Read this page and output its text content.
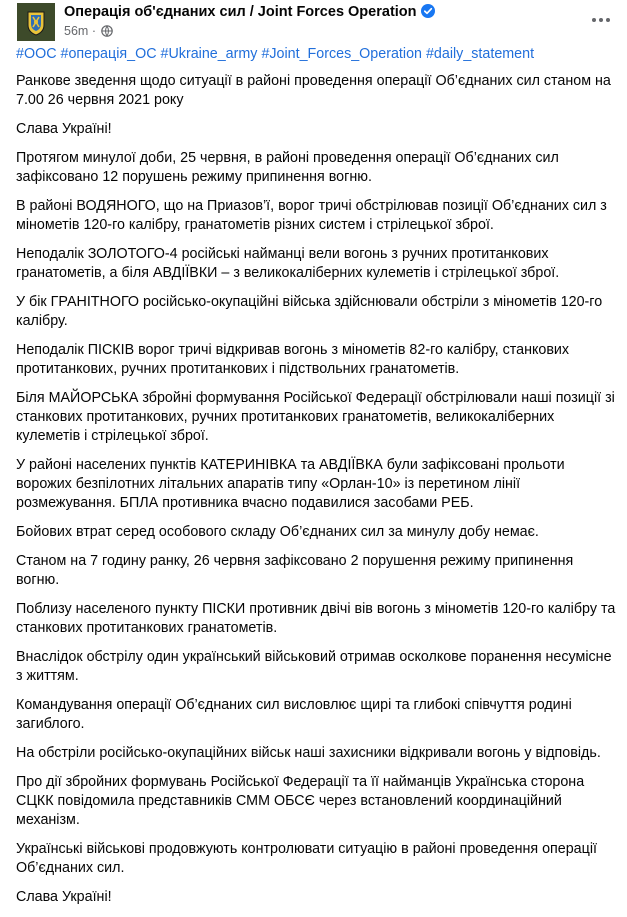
Операція об'єднаних сил / Joint Forces Operation
56m ·
#ООС #операція_ОС #Ukraine_army #Joint_Forces_Operation #daily_statement
Ранкове зведення щодо ситуації в районі проведення операції Об’єднаних сил станом на 7.00 26 червня 2021 року
Слава Україні!
Протягом минулої доби, 25 червня, в районі проведення операції Об’єднаних сил зафіксовано 12 порушень режиму припинення вогню.
В районі ВОДЯНОГО, що на Приазов’ї, ворог тричі обстрілював позиції Об’єднаних сил з мінометів 120-го калібру, гранатометів різних систем і стрілецької зброї.
Неподалік ЗОЛОТОГО-4 російські найманці вели вогонь з ручних протитанкових гранатометів, а біля АВДІЇВКИ – з великокаліберних кулеметів і стрілецької зброї.
У бік ГРАНІТНОГО російсько-окупаційні війська здійснювали обстріли з мінометів 120-го калібру.
Неподалік ПІСКІВ ворог тричі відкривав вогонь з мінометів 82-го калібру, станкових протитанкових, ручних протитанкових і підствольних гранатометів.
Біля МАЙОРСЬКА збройні формування Російської Федерації обстрілювали наші позиції зі станкових протитанкових, ручних протитанкових гранатометів, великокаліберних кулеметів і стрілецької зброї.
У районі населених пунктів КАТЕРИНІВКА та АВДІЇВКА були зафіксовані прольоти ворожих безпілотних літальних апаратів типу «Орлан-10» із перетином лінії розмежування. БПЛА противника вчасно подавилися засобами РЕБ.
Бойових втрат серед особового складу Об’єднаних сил за минулу добу немає.
Станом на 7 годину ранку, 26 червня зафіксовано 2 порушення режиму припинення вогню.
Поблизу населеного пункту ПІСКИ противник двічі вів вогонь з мінометів 120-го калібру та станкових протитанкових гранатометів.
Внаслідок обстрілу один український військовий отримав осколкове поранення несумісне з життям.
Командування операції Об’єднаних сил висловлює щирі та глибокі співчуття родині загиблого.
На обстріли російсько-окупаційних військ наші захисники відкривали вогонь у відповідь.
Про дії збройних формувань Російської Федерації та її найманців Українська сторона СЦКК повідомила представників СММ ОБСЄ через встановлений координаційний механізм.
Українські військові продовжують контролювати ситуацію в районі проведення операції Об’єднаних сил.
Слава Україні!
